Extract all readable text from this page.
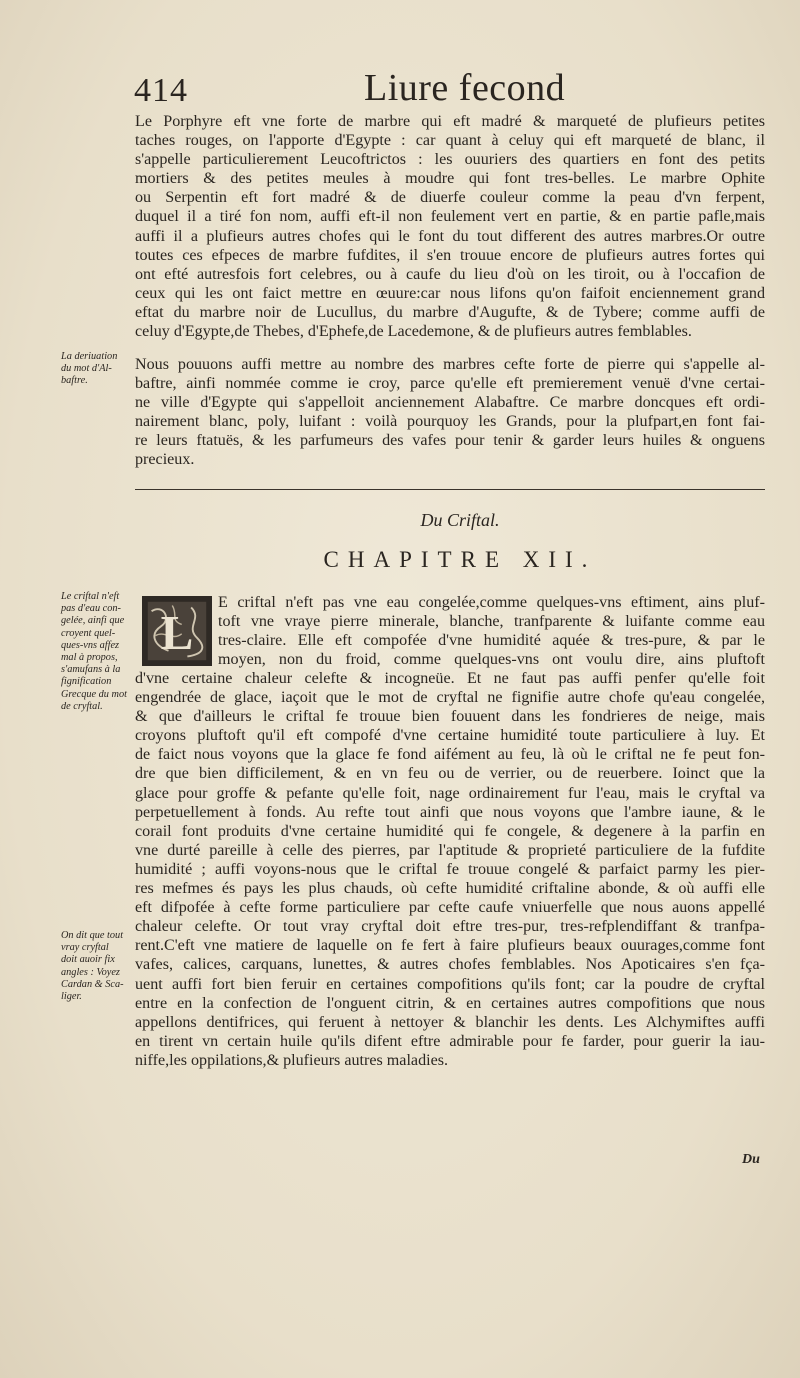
414	Liure fecond
Le Porphyre eft vne forte de marbre qui eft madré & marqueté de plufieurs petites
taches rouges, on l'apporte d'Egypte : car quant à celuy qui eft marqueté de blanc, il
s'appelle particulierement Leucoftrictos : les ouuriers des quartiers en font des petits
mortiers & des petites meules à moudre qui font tres-belles. Le marbre Ophite
ou Serpentin eft fort madré & de diuerfe couleur comme la peau d'vn ferpent,
duquel il a tiré fon nom, auffi eft-il non feulement vert en partie, & en partie pafle,mais
auffi il a plufieurs autres chofes qui le font du tout different des autres marbres.Or outre
toutes ces efpeces de marbre fufdites, il s'en trouue encore de plufieurs autres fortes qui
ont efté autresfois fort celebres, ou à caufe du lieu d'où on les tiroit, ou à l'occafion de
ceux qui les ont faict mettre en œuure:car nous lifons qu'on faifoit enciennement grand
eftat du marbre noir de Lucullus, du marbre d'Augufte, & de Tybere; comme auffi de
celuy d'Egypte,de Thebes, d'Ephefe,de Lacedemone, & de plufieurs autres femblables.
La deriuation
du mot d'Al-
baftre.
Nous pouuons auffi mettre au nombre des marbres cefte forte de pierre qui s'appelle al-
baftre, ainfi nommée comme ie croy, parce qu'elle eft premierement venuë d'vne certai-
ne ville d'Egypte qui s'appelloit anciennement Alabaftre. Ce marbre doncques eft ordi-
nairement blanc, poly, luifant : voilà pourquoy les Grands, pour la plufpart,en font fai-
re leurs ftatuës, & les parfumeurs des vafes pour tenir & garder leurs huiles & onguens
precieux.
Du Criftal.
CHAPITRE XII.
Le criftal n'eft
pas d'eau con-
gelée, ainfi que
croyent quel-
ques-vns affez
mal à propos,
s'amufans à la
fignification
Grecque du mot
de cryftal.
L
E criftal n'eft pas vne eau congelée,comme quelques-vns eftiment, ains pluf-
toft vne vraye pierre minerale, blanche, tranfparente & luifante comme eau
tres-claire. Elle eft compofée d'vne humidité aquée & tres-pure, & par le
moyen, non du froid, comme quelques-vns ont voulu dire, ains pluftoft
d'vne certaine chaleur celefte & incogneüe. Et ne faut pas auffi penfer qu'elle foit
engendrée de glace, iaçoit que le mot de cryftal ne fignifie autre chofe qu'eau congelée,
& que d'ailleurs le criftal fe trouue bien fouuent dans les fondrieres de neige, mais
croyons pluftoft qu'il eft compofé d'vne certaine humidité toute particuliere à luy. Et
de faict nous voyons que la glace fe fond aifément au feu, là où le criftal ne fe peut fon-
dre que bien difficilement, & en vn feu ou de verrier, ou de reuerbere. Ioinct que la
glace pour groffe & pefante qu'elle foit, nage ordinairement fur l'eau, mais le cryftal va
perpetuellement à fonds. Au refte tout ainfi que nous voyons que l'ambre iaune, & le
corail font produits d'vne certaine humidité qui fe congele, & degenere à la parfin en
vne durté pareille à celle des pierres, par l'aptitude & proprieté particuliere de la fufdite
humidité ; auffi voyons-nous que le criftal fe trouue congelé & parfaict parmy les pier-
res mefmes és pays les plus chauds, où cefte humidité criftaline abonde, & où auffi elle
eft difpofée à cefte forme particuliere par cefte caufe vniuerfelle que nous auons appellé
chaleur celefte. Or tout vray cryftal doit eftre tres-pur, tres-refplendiffant & tranfpa-
rent.C'eft vne matiere de laquelle on fe fert à faire plufieurs beaux ouurages,comme font
vafes, calices, carquans, lunettes, & autres chofes femblables. Nos Apoticaires s'en fça-
uent auffi fort bien feruir en certaines compofitions qu'ils font; car la poudre de cryftal
entre en la confection de l'onguent citrin, & en certaines autres compofitions que nous
appellons dentifrices, qui feruent à nettoyer & blanchir les dents. Les Alchymiftes auffi
en tirent vn certain huile qu'ils difent eftre admirable pour fe farder, pour guerir la iau-
niffe,les oppilations,& plufieurs autres maladies.
On dit que tout
vray cryftal
doit auoir fix
angles : Voyez
Cardan & Sca-
liger.
Du
